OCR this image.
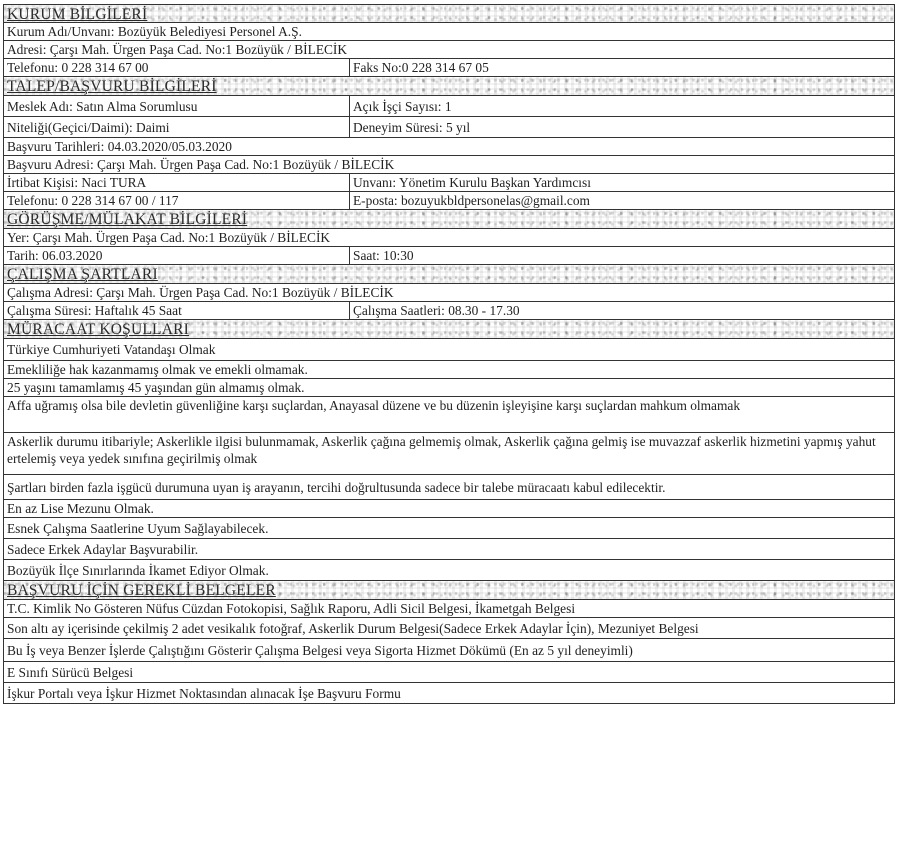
KURUM BİLGİLERİ
Kurum Adı/Unvanı: Bozüyük Belediyesi Personel A.Ş.
Adresi: Çarşı Mah. Ürgen Paşa Cad. No:1 Bozüyük / BİLECİK
Telefonu: 0 228 314 67 00	Faks No:0 228 314 67 05
TALEP/BAŞVURU BİLGİLERİ
Meslek Adı: Satın Alma Sorumlusu	Açık İşçi Sayısı: 1
Niteliği(Geçici/Daimi): Daimi	Deneyim Süresi: 5 yıl
Başvuru Tarihleri: 04.03.2020/05.03.2020
Başvuru Adresi: Çarşı Mah. Ürgen Paşa Cad. No:1 Bozüyük / BİLECİK
İrtibat Kişisi: Naci TURA	Unvanı: Yönetim Kurulu Başkan Yardımcısı
Telefonu: 0 228 314 67 00 / 117	E-posta: bozuyukbldpersonelas@gmail.com
GÖRÜŞME/MÜLAKAT BİLGİLERİ
Yer: Çarşı Mah. Ürgen Paşa Cad. No:1 Bozüyük / BİLECİK
Tarih: 06.03.2020	Saat: 10:30
ÇALIŞMA ŞARTLARI
Çalışma Adresi: Çarşı Mah. Ürgen Paşa Cad. No:1 Bozüyük / BİLECİK
Çalışma Süresi: Haftalık 45 Saat	Çalışma Saatleri: 08.30 - 17.30
MÜRACAAT KOŞULLARI
Türkiye Cumhuriyeti Vatandaşı Olmak
Emekliliğe hak kazanmamış olmak ve emekli olmamak.
25 yaşını tamamlamış 45 yaşından gün almamış olmak.
Affa uğramış olsa bile devletin güvenliğine karşı suçlardan, Anayasal düzene ve bu düzenin işleyişine karşı suçlardan mahkum olmamak
Askerlik durumu itibariyle; Askerlikle ilgisi bulunmamak, Askerlik çağına gelmemiş olmak, Askerlik çağına gelmiş ise muvazzaf askerlik hizmetini yapmış yahut ertelemiş veya yedek sınıfına geçirilmiş olmak
Şartları birden fazla işgücü durumuna uyan iş arayanın, tercihi doğrultusunda sadece bir talebe müracaatı kabul edilecektir.
En az Lise Mezunu Olmak.
Esnek Çalışma Saatlerine Uyum Sağlayabilecek.
Sadece Erkek Adaylar Başvurabilir.
Bozüyük İlçe Sınırlarında İkamet Ediyor Olmak.
BAŞVURU İÇİN GEREKLİ BELGELER
T.C. Kimlik No Gösteren Nüfus Cüzdan Fotokopisi, Sağlık Raporu, Adli Sicil Belgesi, İkametgah Belgesi
Son altı ay içerisinde çekilmiş 2 adet vesikalık fotoğraf, Askerlik Durum Belgesi(Sadece Erkek Adaylar İçin), Mezuniyet Belgesi
Bu İş veya Benzer İşlerde Çalıştığını Gösterir Çalışma Belgesi veya Sigorta Hizmet Dökümü (En az 5 yıl deneyimli)
E Sınıfı Sürücü Belgesi
İşkur Portalı veya İşkur Hizmet Noktasından alınacak İşe Başvuru Formu
